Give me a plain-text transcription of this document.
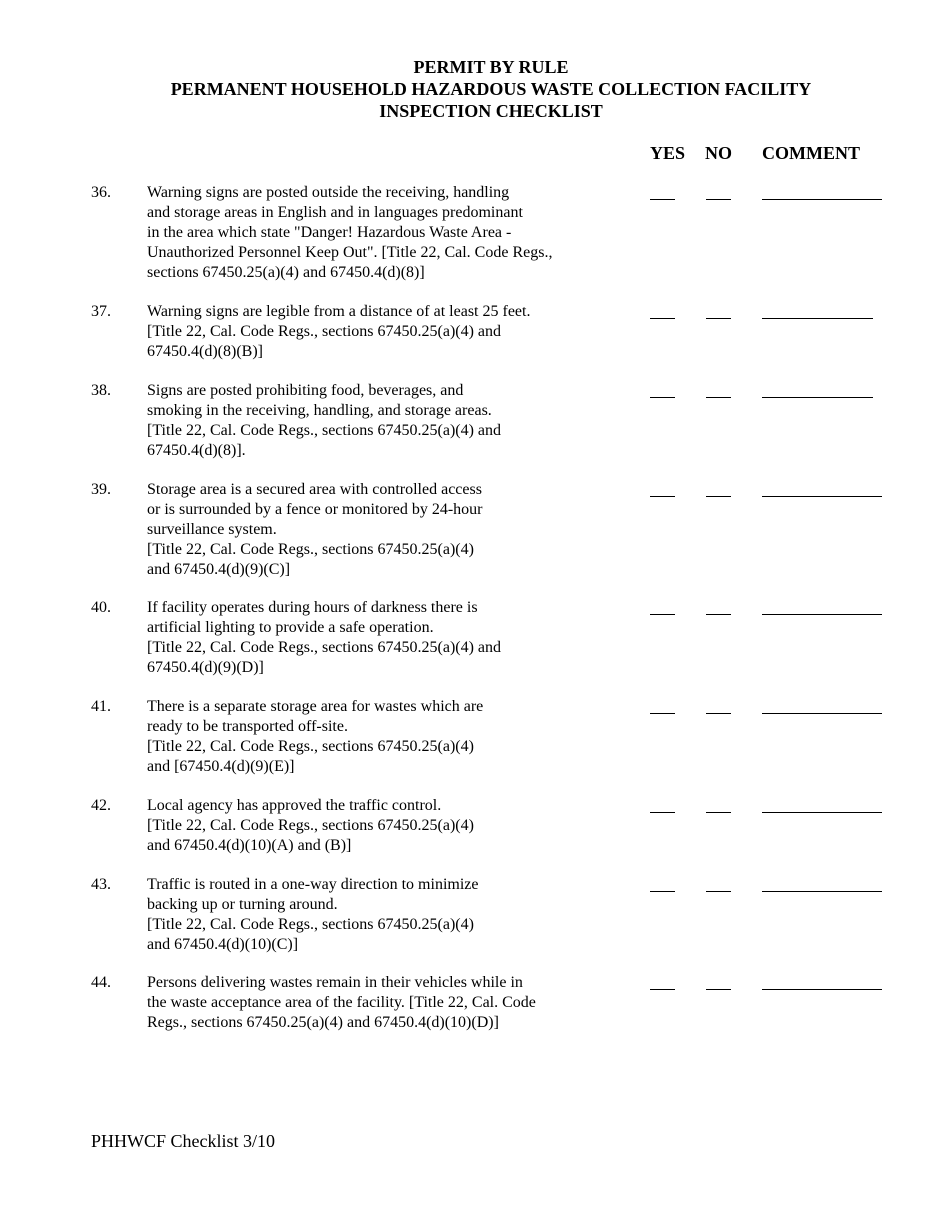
PERMIT BY RULE
PERMANENT HOUSEHOLD HAZARDOUS WASTE COLLECTION FACILITY
INSPECTION CHECKLIST
YES NO COMMENT
36. Warning signs are posted outside the receiving, handling
and storage areas in English and in languages predominant
in the area which state "Danger! Hazardous Waste Area -
Unauthorized Personnel Keep Out". [Title 22, Cal. Code Regs.,
sections 67450.25(a)(4) and 67450.4(d)(8)]
37. Warning signs are legible from a distance of at least 25 feet.
[Title 22, Cal. Code Regs., sections 67450.25(a)(4) and
67450.4(d)(8)(B)]
38. Signs are posted prohibiting food, beverages, and
smoking in the receiving, handling, and storage areas.
[Title 22, Cal. Code Regs., sections 67450.25(a)(4) and
67450.4(d)(8)].
39. Storage area is a secured area with controlled access
or is surrounded by a fence or monitored by 24-hour
surveillance system.
[Title 22, Cal. Code Regs., sections 67450.25(a)(4)
and 67450.4(d)(9)(C)]
40. If facility operates during hours of darkness there is
artificial lighting to provide a safe operation.
[Title 22, Cal. Code Regs., sections 67450.25(a)(4) and
67450.4(d)(9)(D)]
41. There is a separate storage area for wastes which are
ready to be transported off-site.
[Title 22, Cal. Code Regs., sections 67450.25(a)(4)
and [67450.4(d)(9)(E)]
42. Local agency has approved the traffic control.
[Title 22, Cal. Code Regs., sections 67450.25(a)(4)
and 67450.4(d)(10)(A) and (B)]
43. Traffic is routed in a one-way direction to minimize
backing up or turning around.
[Title 22, Cal. Code Regs., sections 67450.25(a)(4)
and 67450.4(d)(10)(C)]
44. Persons delivering wastes remain in their vehicles while in
the waste acceptance area of the facility. [Title 22, Cal. Code
Regs., sections 67450.25(a)(4) and 67450.4(d)(10)(D)]
PHHWCF Checklist 3/10
